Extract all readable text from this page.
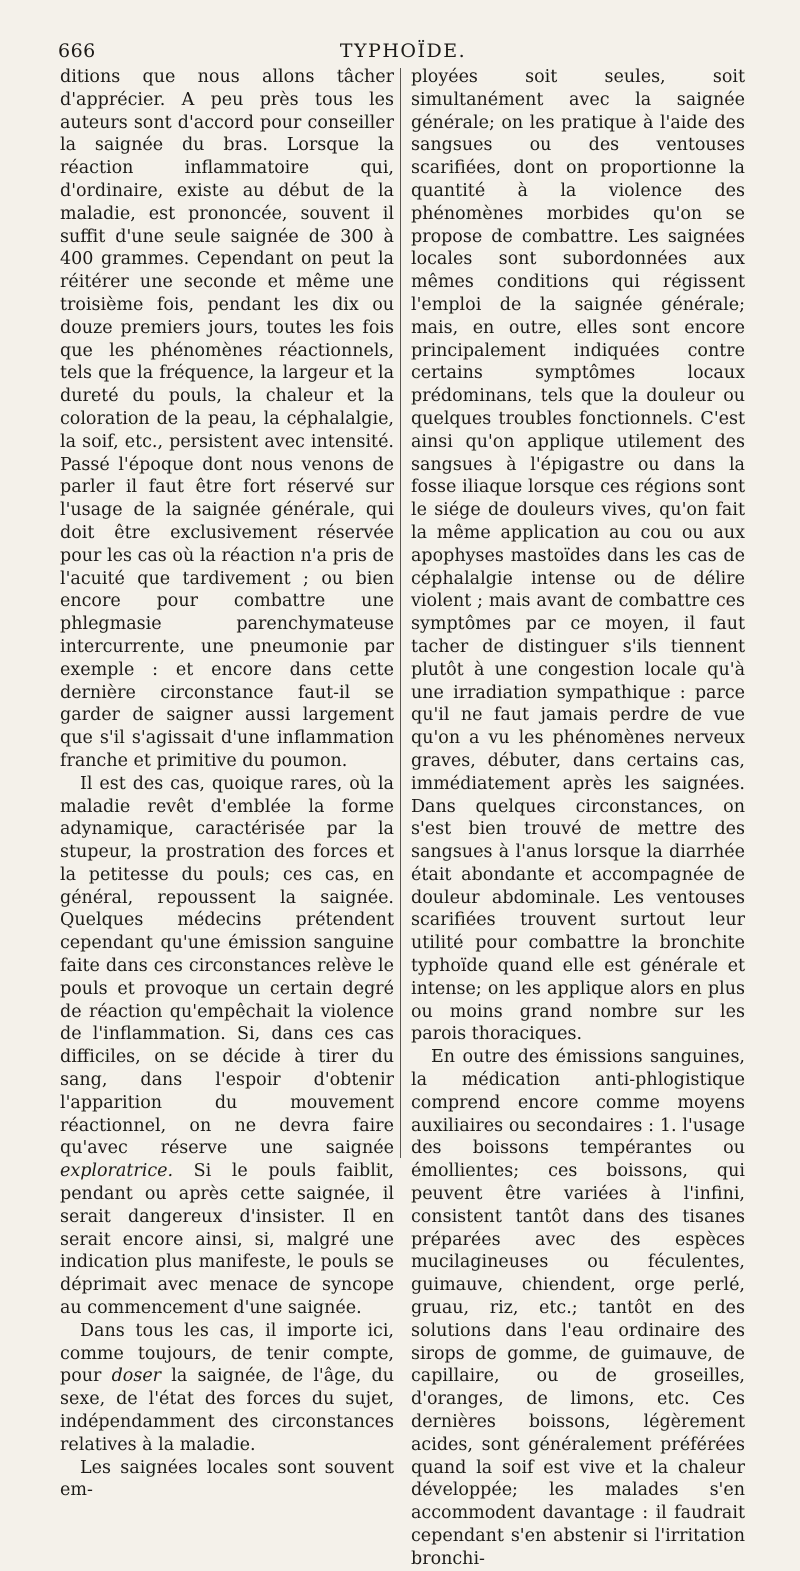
666	TYPHOÏDE.

ditions que nous allons tâcher d'apprécier. A peu près tous les auteurs sont d'accord pour conseiller la saignée du bras. Lorsque la réaction inflammatoire qui, d'ordinaire, existe au début de la maladie, est prononcée, souvent il suffit d'une seule saignée de 300 à 400 grammes. Cependant on peut la réitérer une seconde et même une troisième fois, pendant les dix ou douze premiers jours, toutes les fois que les phénomènes réactionnels, tels que la fréquence, la largeur et la dureté du pouls, la chaleur et la coloration de la peau, la céphalalgie, la soif, etc., persistent avec intensité. Passé l'époque dont nous venons de parler il faut être fort réservé sur l'usage de la saignée générale, qui doit être exclusivement réservée pour les cas où la réaction n'a pris de l'acuité que tardivement ; ou bien encore pour combattre une phlegmasie parenchymateuse intercurrente, une pneumonie par exemple : et encore dans cette dernière circonstance faut-il se garder de saigner aussi largement que s'il s'agissait d'une inflammation franche et primitive du poumon.

Il est des cas, quoique rares, où la maladie revêt d'emblée la forme adynamique, caractérisée par la stupeur, la prostration des forces et la petitesse du pouls; ces cas, en général, repoussent la saignée. Quelques médecins prétendent cependant qu'une émission sanguine faite dans ces circonstances relève le pouls et provoque un certain degré de réaction qu'empêchait la violence de l'inflammation. Si, dans ces cas difficiles, on se décide à tirer du sang, dans l'espoir d'obtenir l'apparition du mouvement réactionnel, on ne devra faire qu'avec réserve une saignée exploratrice. Si le pouls faiblit, pendant ou après cette saignée, il serait dangereux d'insister. Il en serait encore ainsi, si, malgré une indication plus manifeste, le pouls se déprimait avec menace de syncope au commencement d'une saignée.

Dans tous les cas, il importe ici, comme toujours, de tenir compte, pour doser la saignée, de l'âge, du sexe, de l'état des forces du sujet, indépendamment des circonstances relatives à la maladie.

Les saignées locales sont souvent em-

ployées soit seules, soit simultanément avec la saignée générale; on les pratique à l'aide des sangsues ou des ventouses scarifiées, dont on proportionne la quantité à la violence des phénomènes morbides qu'on se propose de combattre. Les saignées locales sont subordonnées aux mêmes conditions qui régissent l'emploi de la saignée générale; mais, en outre, elles sont encore principalement indiquées contre certains symptômes locaux prédominans, tels que la douleur ou quelques troubles fonctionnels. C'est ainsi qu'on applique utilement des sangsues à l'épigastre ou dans la fosse iliaque lorsque ces régions sont le siége de douleurs vives, qu'on fait la même application au cou ou aux apophyses mastoïdes dans les cas de céphalalgie intense ou de délire violent ; mais avant de combattre ces symptômes par ce moyen, il faut tacher de distinguer s'ils tiennent plutôt à une congestion locale qu'à une irradiation sympathique : parce qu'il ne faut jamais perdre de vue qu'on a vu les phénomènes nerveux graves, débuter, dans certains cas, immédiatement après les saignées. Dans quelques circonstances, on s'est bien trouvé de mettre des sangsues à l'anus lorsque la diarrhée était abondante et accompagnée de douleur abdominale. Les ventouses scarifiées trouvent surtout leur utilité pour combattre la bronchite typhoïde quand elle est générale et intense; on les applique alors en plus ou moins grand nombre sur les parois thoraciques.

En outre des émissions sanguines, la médication anti-phlogistique comprend encore comme moyens auxiliaires ou secondaires : 1. l'usage des boissons tempérantes ou émollientes; ces boissons, qui peuvent être variées à l'infini, consistent tantôt dans des tisanes préparées avec des espèces mucilagineuses ou féculentes, guimauve, chiendent, orge perlé, gruau, riz, etc.; tantôt en des solutions dans l'eau ordinaire des sirops de gomme, de guimauve, de capillaire, ou de groseilles, d'oranges, de limons, etc. Ces dernières boissons, légèrement acides, sont généralement préférées quand la soif est vive et la chaleur développée; les malades s'en accommodent davantage : il faudrait cependant s'en abstenir si l'irritation bronchi-
